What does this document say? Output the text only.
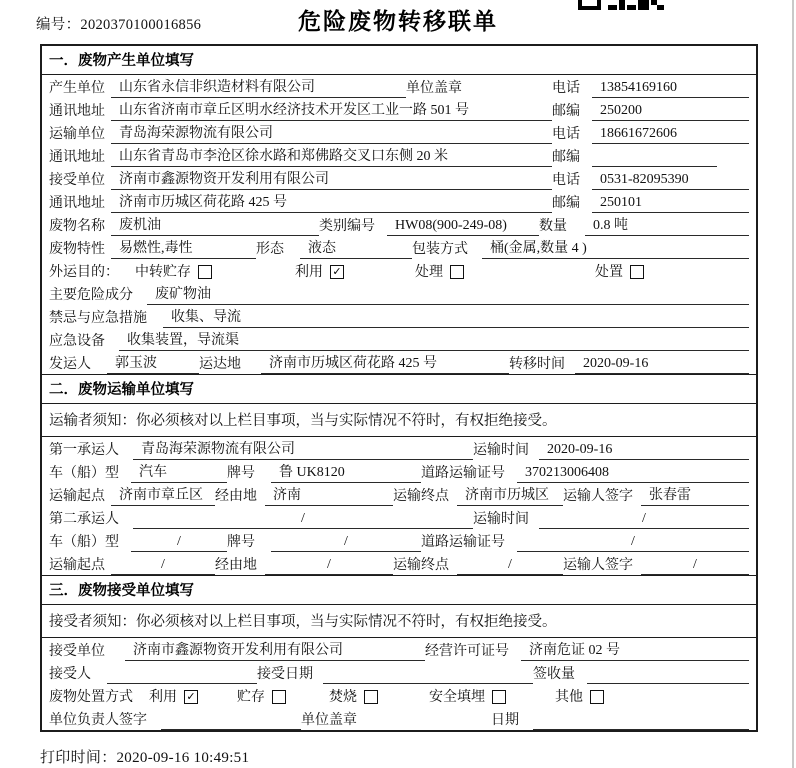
编号：2020370100016856	危险废物转移联单
一．废物产生单位填写
产生单位	山东省永信非织造材料有限公司	单位盖章	电话	13854169160
通讯地址	山东省济南市章丘区明水经济技术开发区工业一路 501 号	邮编	250200
运输单位	青岛海荣源物流有限公司	电话	18661672606
通讯地址	山东省青岛市李沧区徐水路和郑佛路交叉口东侧 20 米	邮编
接受单位	济南市鑫源物资开发利用有限公司	电话	0531-82095390
通讯地址	济南市历城区荷花路 425 号	邮编	250101
废物名称	废机油	类别编号	HW08(900-249-08)	数量	0.8 吨
废物特性	易燃性,毒性	形态	液态	包装方式	桶(金属,数量 4 )
外运目的：	中转贮存	利用 ✓	处理	处置
主要危险成分	废矿物油
禁忌与应急措施	收集、导流
应急设备	收集装置，导流渠
发运人	郭玉波	运达地	济南市历城区荷花路 425 号	转移时间	2020-09-16
二．废物运输单位填写
运输者须知：你必须核对以上栏目事项，当与实际情况不符时，有权拒绝接受。
第一承运人	青岛海荣源物流有限公司	运输时间	2020-09-16
车（船）型	汽车	牌号	鲁 UK8120	道路运输证号	370213006408
运输起点	济南市章丘区 经由地	济南	运输终点	济南市历城区	运输人签字	张春雷
第二承运人	/	运输时间	/
车（船）型	/	牌号	/	道路运输证号	/
运输起点	/	经由地	/	运输终点	/	运输人签字	/
三．废物接受单位填写
接受者须知：你必须核对以上栏目事项，当与实际情况不符时，有权拒绝接受。
接受单位	济南市鑫源物资开发利用有限公司	经营许可证号	济南危证 02 号
接受人	接受日期	签收量
废物处置方式	利用 ✓	贮存	焚烧	安全填埋	其他
单位负责人签字	单位盖章	日期
打印时间：2020-09-16 10:49:51
